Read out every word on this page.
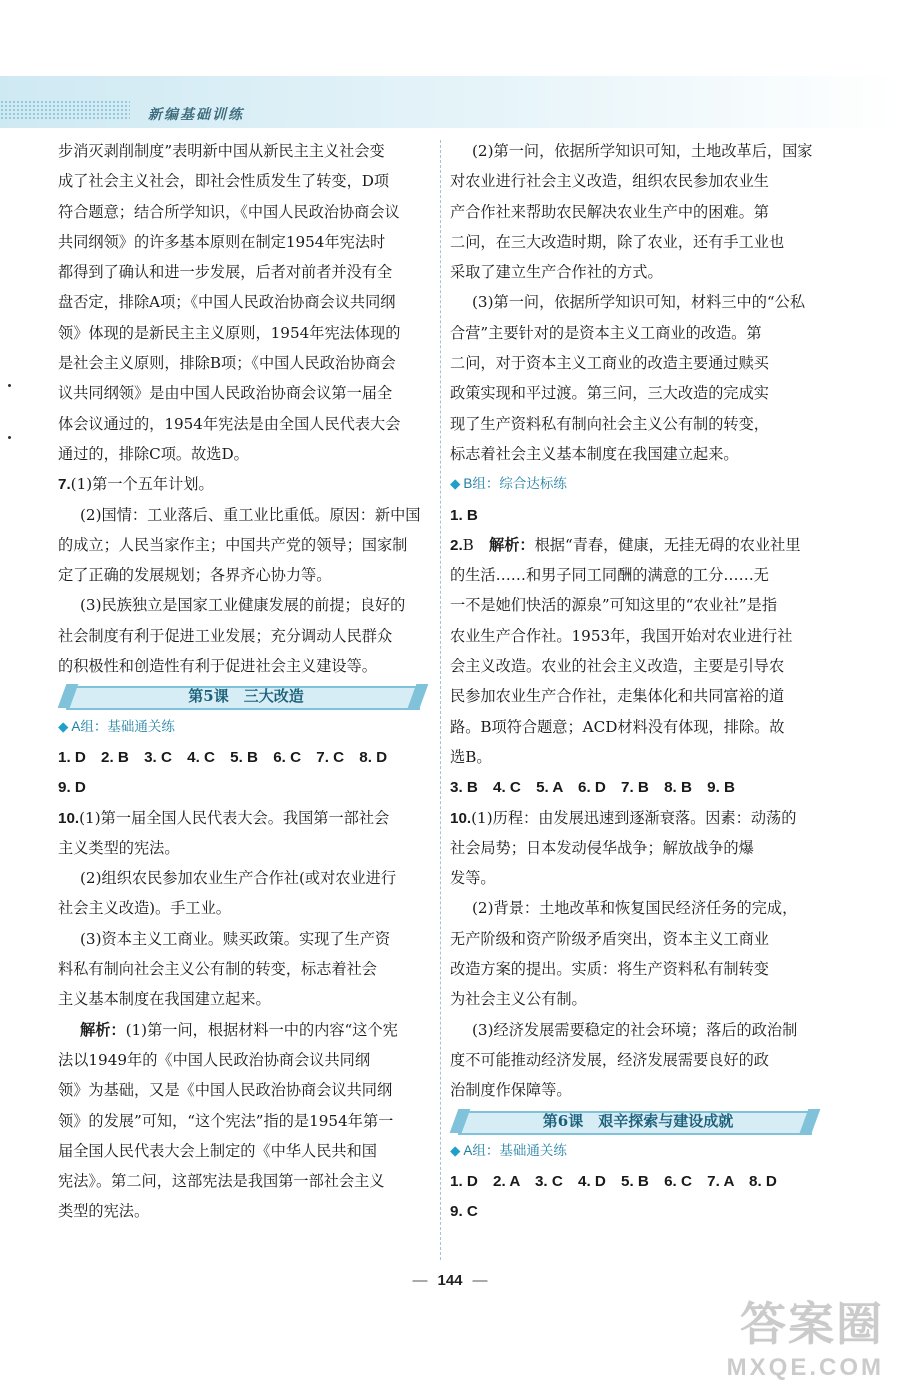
新编基础训练
步消灭剥削制度”表明新中国从新民主主义社会变
成了社会主义社会，即社会性质发生了转变，D项
符合题意；结合所学知识，《中国人民政治协商会议
共同纲领》的许多基本原则在制定1954年宪法时
都得到了确认和进一步发展，后者对前者并没有全
盘否定，排除A项；《中国人民政治协商会议共同纲
领》体现的是新民主主义原则，1954年宪法体现的
是社会主义原则，排除B项；《中国人民政治协商会
议共同纲领》是由中国人民政治协商会议第一届全
体会议通过的，1954年宪法是由全国人民代表大会
通过的，排除C项。故选D。
7.(1)第一个五年计划。
(2)国情：工业落后、重工业比重低。原因：新中国
的成立；人民当家作主；中国共产党的领导；国家制
定了正确的发展规划；各界齐心协力等。
(3)民族独立是国家工业健康发展的前提；良好的
社会制度有利于促进工业发展；充分调动人民群众
的积极性和创造性有利于促进社会主义建设等。
第5课　三大改造
◆ A组：基础通关练
1. D　2. B　3. C　4. C　5. B　6. C　7. C　8. D
9. D
10.(1)第一届全国人民代表大会。我国第一部社会
主义类型的宪法。
(2)组织农民参加农业生产合作社(或对农业进行
社会主义改造)。手工业。
(3)资本主义工商业。赎买政策。实现了生产资
料私有制向社会主义公有制的转变，标志着社会
主义基本制度在我国建立起来。
解析：(1)第一问，根据材料一中的内容“这个宪
法以1949年的《中国人民政治协商会议共同纲
领》为基础，又是《中国人民政治协商会议共同纲
领》的发展”可知，“这个宪法”指的是1954年第一
届全国人民代表大会上制定的《中华人民共和国
宪法》。第二问，这部宪法是我国第一部社会主义
类型的宪法。
(2)第一问，依据所学知识可知，土地改革后，国家
对农业进行社会主义改造，组织农民参加农业生
产合作社来帮助农民解决农业生产中的困难。第
二问，在三大改造时期，除了农业，还有手工业也
采取了建立生产合作社的方式。
(3)第一问，依据所学知识可知，材料三中的“公私
合营”主要针对的是资本主义工商业的改造。第
二问，对于资本主义工商业的改造主要通过赎买
政策实现和平过渡。第三问，三大改造的完成实
现了生产资料私有制向社会主义公有制的转变，
标志着社会主义基本制度在我国建立起来。
◆ B组：综合达标练
1. B
2.B　解析：根据“青春，健康，无挂无碍的农业社里
的生活……和男子同工同酬的满意的工分……无
一不是她们快活的源泉”可知这里的“农业社”是指
农业生产合作社。1953年，我国开始对农业进行社
会主义改造。农业的社会主义改造，主要是引导农
民参加农业生产合作社，走集体化和共同富裕的道
路。B项符合题意；ACD材料没有体现，排除。故
选B。
3. B　4. C　5. A　6. D　7. B　8. B　9. B
10.(1)历程：由发展迅速到逐渐衰落。因素：动荡的
社会局势；日本发动侵华战争；解放战争的爆
发等。
(2)背景：土地改革和恢复国民经济任务的完成，
无产阶级和资产阶级矛盾突出，资本主义工商业
改造方案的提出。实质：将生产资料私有制转变
为社会主义公有制。
(3)经济发展需要稳定的社会环境；落后的政治制
度不可能推动经济发展，经济发展需要良好的政
治制度作保障等。
第6课　艰辛探索与建设成就
◆ A组：基础通关练
1. D　2. A　3. C　4. D　5. B　6. C　7. A　8. D
9. C
— 144 —
答案圈
MXQE.COM
